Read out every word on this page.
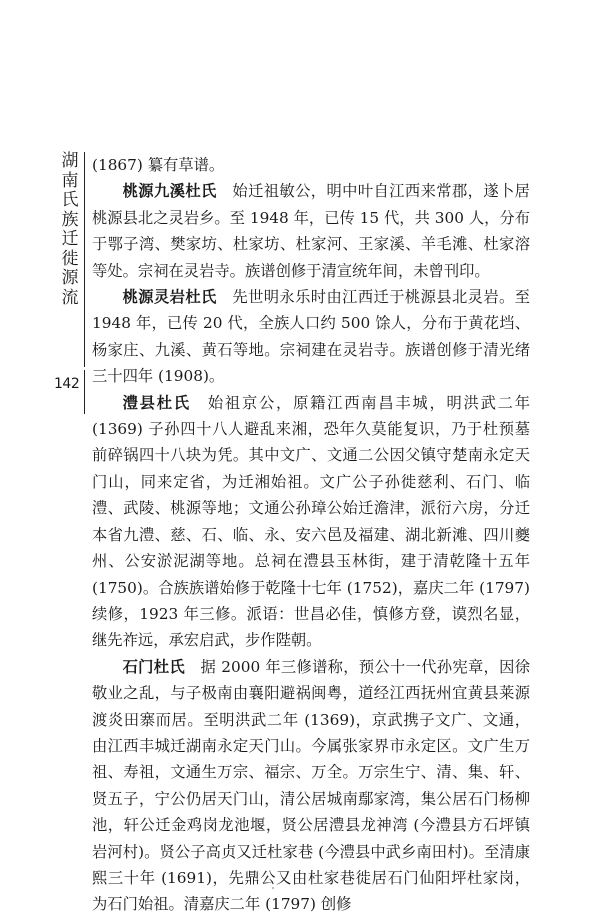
湖南氏族迁徙源流
142

(1867) 纂有草谱。

桃源九溪杜氏　始迁祖敏公，明中叶自江西来常郡，遂卜居桃源县北之灵岩乡。至 1948 年，已传 15 代，共 300 人，分布于鄂子湾、樊家坊、杜家坊、杜家河、王家溪、羊毛滩、杜家溶等处。宗祠在灵岩寺。族谱创修于清宣统年间，未曾刊印。

桃源灵岩杜氏　先世明永乐时由江西迁于桃源县北灵岩。至 1948 年，已传 20 代，全族人口约 500 馀人，分布于黄花垱、杨家庄、九溪、黄石等地。宗祠建在灵岩寺。族谱创修于清光绪三十四年 (1908)。

澧县杜氏　始祖京公，原籍江西南昌丰城，明洪武二年 (1369) 子孙四十八人避乱来湘，恐年久莫能复识，乃于杜预墓前碎锅四十八块为凭。其中文广、文通二公因父镇守楚南永定天门山，同来定省，为迁湘始祖。文广公子孙徙慈利、石门、临澧、武陵、桃源等地；文通公孙璋公始迁澹津，派衍六房，分迁本省九澧、慈、石、临、永、安六邑及福建、湖北新滩、四川夔州、公安淤泥湖等地。总祠在澧县玉林街，建于清乾隆十五年 (1750)。合族族谱始修于乾隆十七年 (1752)，嘉庆二年 (1797) 续修，1923 年三修。派语：世昌必佳，慎修方登，谟烈名显，继先祚远，承宏启武，步作陛朝。

石门杜氏　据 2000 年三修谱称，预公十一代孙宪章，因徐敬业之乱，与子极南由襄阳避祸闽粤，道经江西抚州宜黄县莱源渡炎田寨而居。至明洪武二年 (1369)，京武携子文广、文通，由江西丰城迁湖南永定天门山。今属张家界市永定区。文广生万祖、寿祖，文通生万宗、福宗、万全。万宗生宁、清、集、轩、贤五子，宁公仍居天门山，清公居城南鄢家湾，集公居石门杨柳池，轩公迁金鸡岗龙池堰，贤公居澧县龙神湾 (今澧县方石坪镇岩河村)。贤公子高贞又迁杜家巷 (今澧县中武乡南田村)。至清康熙三十年 (1691)，先鼎公又由杜家巷徙居石门仙阳坪杜家岗，为石门始祖。清嘉庆二年 (1797) 创修
